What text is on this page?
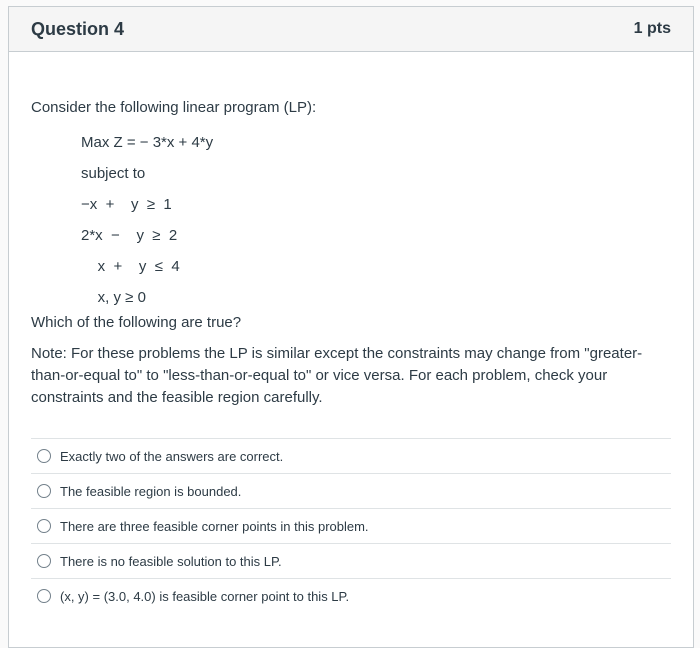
Question 4	1 pts
Consider the following linear program (LP):
Max Z = − 3*x + 4*y
subject to
−x  +    y  ≥  1
2*x  −    y  ≥  2
x  +    y  ≤  4
x, y ≥ 0
Which of the following are true?
Note: For these problems the LP is similar except the constraints may change from "greater-than-or-equal to" to "less-than-or-equal to" or vice versa. For each problem, check your constraints and the feasible region carefully.
Exactly two of the answers are correct.
The feasible region is bounded.
There are three feasible corner points in this problem.
There is no feasible solution to this LP.
(x, y) = (3.0, 4.0) is feasible corner point to this LP.
